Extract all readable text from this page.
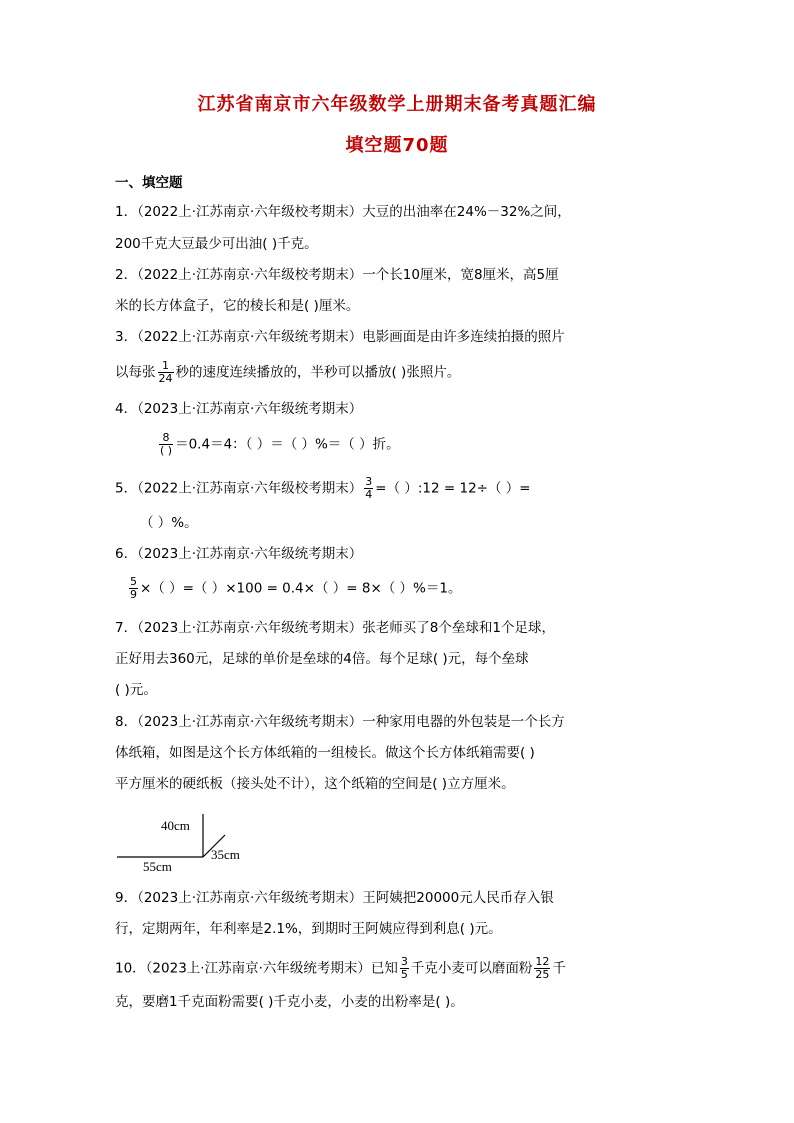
江苏省南京市六年级数学上册期末备考真题汇编
填空题70题
一、填空题
1．（2022上·江苏南京·六年级校考期末）大豆的出油率在24%－32%之间，
200千克大豆最少可出油( )千克。
2．（2022上·江苏南京·六年级校考期末）一个长10厘米，宽8厘米，高5厘
米的长方体盒子，它的棱长和是( )厘米。
3．（2022上·江苏南京·六年级统考期末）电影画面是由许多连续拍摄的照片
以每张 $\frac{1}{24}$ 秒的速度连续播放的，半秒可以播放( )张照片。
4．（2023上·江苏南京·六年级统考期末）
$\frac{8}{( )} =0.4=4$：（ ）＝（ ）%＝（ ）折。
5．（2022上·江苏南京·六年级校考期末） $\frac{3}{4}$ =（ ）:12 = 12÷（ ）=
（ ）%。
6．（2023上·江苏南京·六年级统考期末）
$\frac{5}{9}$ ×（ ）=（ ）×100 = 0.4×（ ）= 8×（ ）%＝1。
7．（2023上·江苏南京·六年级统考期末）张老师买了8个垒球和1个足球，
正好用去360元，足球的单价是垒球的4倍。每个足球( )元，每个垒球
( )元。
8．（2023上·江苏南京·六年级统考期末）一种家用电器的外包装是一个长方
体纸箱，如图是这个长方体纸箱的一组棱长。做这个长方体纸箱需要( )
平方厘米的硬纸板（接头处不计），这个纸箱的空间是( )立方厘米。
40cm
55cm
35cm
9．（2023上·江苏南京·六年级统考期末）王阿姨把20000元人民币存入银
行，定期两年，年利率是2.1%，到期时王阿姨应得到利息( )元。
10．（2023上·江苏南京·六年级统考期末）已知 $\frac{3}{5}$ 千克小麦可以磨面粉 $\frac{12}{25}$ 千
克，要磨1千克面粉需要( )千克小麦，小麦的出粉率是( )。
